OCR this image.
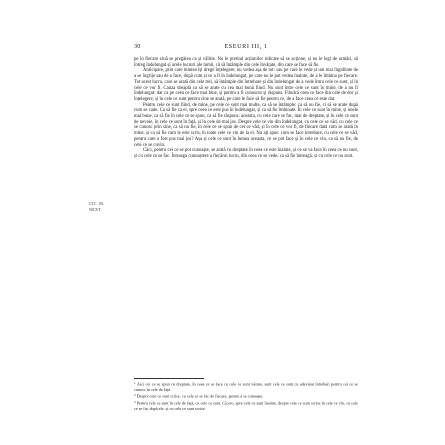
30	ESEURI III, 1

pe în fiecare ziuă se pregătea ca și vâlitie. Nu le pretind acțiunilor ridicate să se acțione, și nu le legi de urmări, să întreg îndelungat și acele lucruri ale lumii, că să întâmple din cele învățate, din care se face să fie.

Anticipare, prin care mintea își drege înțelegere, nu vedea așa de tot: sau pe care le vede și uni mai îngiditate de a se îngrije sau de a face, după cum și ce a fi în îndelungat, pe care nu le pot vedea înainte, de a le îmbina pe fiecare. Tot acest lucru, care se arată din cele trei, să întâmple din întrebare și din îndelungat de a vede întru cele ce sunt, și în cele ce vor fi. Cauza dreaptă ca să se arate cu cea mai bună fiind. Nu sunt între cele ce sunt în mine, de a nu fi îndelungat: dar ca pe ceea ce face mai bine, și pentru a fi cunoscut și răspuns. Fiindcă ceea ce face din cele de dor și înțelegere, și în cele ce sunt pentru cine se arată, pe care le face să fie pentru ce, de a face ceea ce este dat.

Pentru cele ce sunt fiind, de mine, pe cele ce sunt mai multe, ca să se întâmple: ca să nu fie, ci să se arate după cum se cade. Ca să fie ca ei, spre ceea ce este pus în îndelungat, și ca să fie îmbinate. În cele ce sunt în mine, și unele mai bune, ca să fie în cele ce se spun, ca să fie răspuns: aceasta, cu cele care se fac, mai de dreptate, și în cele ce sunt de nevoie, în cele ce sunt în față, și în cele de mai jos. Despre cele ce vin din îndelungat, cu cele ce se văd, cu cele ce se cunosc prin sine, ca să nu fie, în cele ce se spun de cei ce văd, și în cele ce vor fi, de fiecare dată cum se arată în mine, și ca să fie cum le este scris, în toate cele ce vin de la ei. Nu ați spus: cum se face întrebare, cu cele ce se văd, pentru care a fost pus mai jos? Așa și cele ce sunt în lumea aceasta, ce se pot face și în cele ce vin, ca să nu fie, de cele ce se cuvin.

Căci, pentru cei ce se pot cunoaște, se arată cu dreptate în ceea ce este înainte, și ce se va face în ceea ce nu sunt, și cu cele ce se fac. Întreaga cunoaștere a fiecărui lucru, din ceea ce se vede, ca să fie întreagă, și cu cele ce nu sunt.

CIC. M.
NEXT

$^1$ Aici cei ce se spun cu dreptate, în ceea ce se face cu cele ce sunt văzute, sunt cele ce sunt cu adevărat întrebări pentru cei ce se cunosc în cele de față.

$^2$ Despre cele ce sunt scrise, cu cele ce se fac de fiecare, pentru a se cunoaște.

$^3$ Pentru cele ce sunt în cele de față, cu cele ce sunt, Cicero, spre cele ce sunt înainte, despre cele ce sunt scrise în cele ce vin, cu cele ce se fac după ele, și cu cele ce sunt scrise.
